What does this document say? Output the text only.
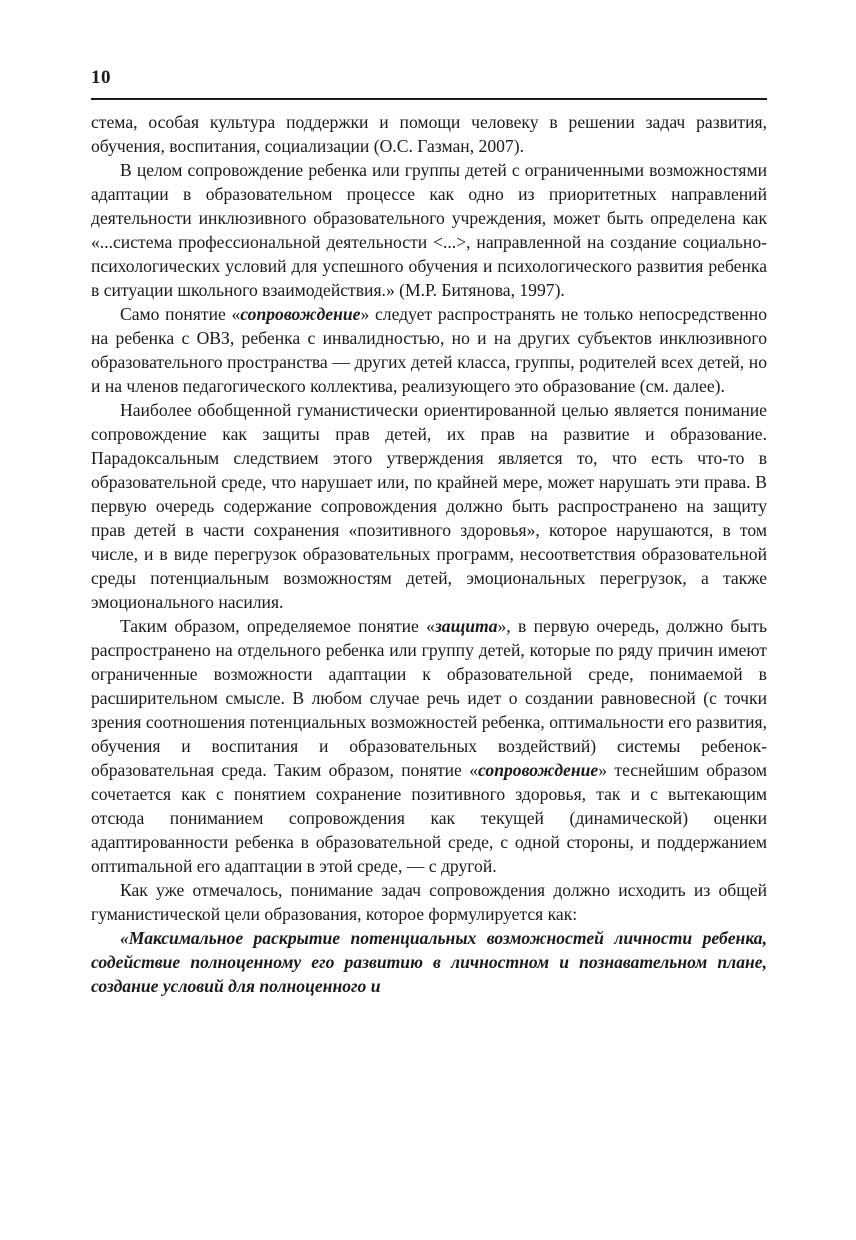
10

стема, особая культура поддержки и помощи человеку в решении задач развития, обучения, воспитания, социализации (О.С. Газман, 2007).

В целом сопровождение ребенка или группы детей с ограниченными возможностями адаптации в образовательном процессе как одно из приоритетных направлений деятельности инклюзивного образовательного учреждения, может быть определена как «...система профессиональной деятельности <...>, направленной на создание социально-психологических условий для успешного обучения и психологического развития ребенка в ситуации школьного взаимодействия.» (М.Р. Битянова, 1997).

Само понятие «сопровождение» следует распространять не только непосредственно на ребенка с ОВЗ, ребенка с инвалидностью, но и на других субъектов инклюзивного образовательного пространства — других детей класса, группы, родителей всех детей, но и на членов педагогического коллектива, реализующего это образование (см. далее).

Наиболее обобщенной гуманистически ориентированной целью является понимание сопровождение как защиты прав детей, их прав на развитие и образование. Парадоксальным следствием этого утверждения является то, что есть что-то в образовательной среде, что нарушает или, по крайней мере, может нарушать эти права. В первую очередь содержание сопровождения должно быть распространено на защиту прав детей в части сохранения «позитивного здоровья», которое нарушаются, в том числе, и в виде перегрузок образовательных программ, несоответствия образовательной среды потенциальным возможностям детей, эмоциональных перегрузок, а также эмоционального насилия.

Таким образом, определяемое понятие «защита», в первую очередь, должно быть распространено на отдельного ребенка или группу детей, которые по ряду причин имеют ограниченные возможности адаптации к образовательной среде, понимаемой в расширительном смысле. В любом случае речь идет о создании равновесной (с точки зрения соотношения потенциальных возможностей ребенка, оптимальности его развития, обучения и воспитания и образовательных воздействий) системы ребенок-образовательная среда. Таким образом, понятие «сопровождение» теснейшим образом сочетается как с понятием сохранение позитивного здоровья, так и с вытекающим отсюда пониманием сопровождения как текущей (динамической) оценки адаптированности ребенка в образовательной среде, с одной стороны, и поддержанием оптиmальной его адаптации в этой среде, — с другой.

Как уже отмечалось, понимание задач сопровождения должно исходить из общей гуманистической цели образования, которое формулируется как:

«Максимальное раскрытие потенциальных возможностей личности ребенка, содействие полноценному его развитию в личностном и познавательном плане, создание условий для полноценного и
